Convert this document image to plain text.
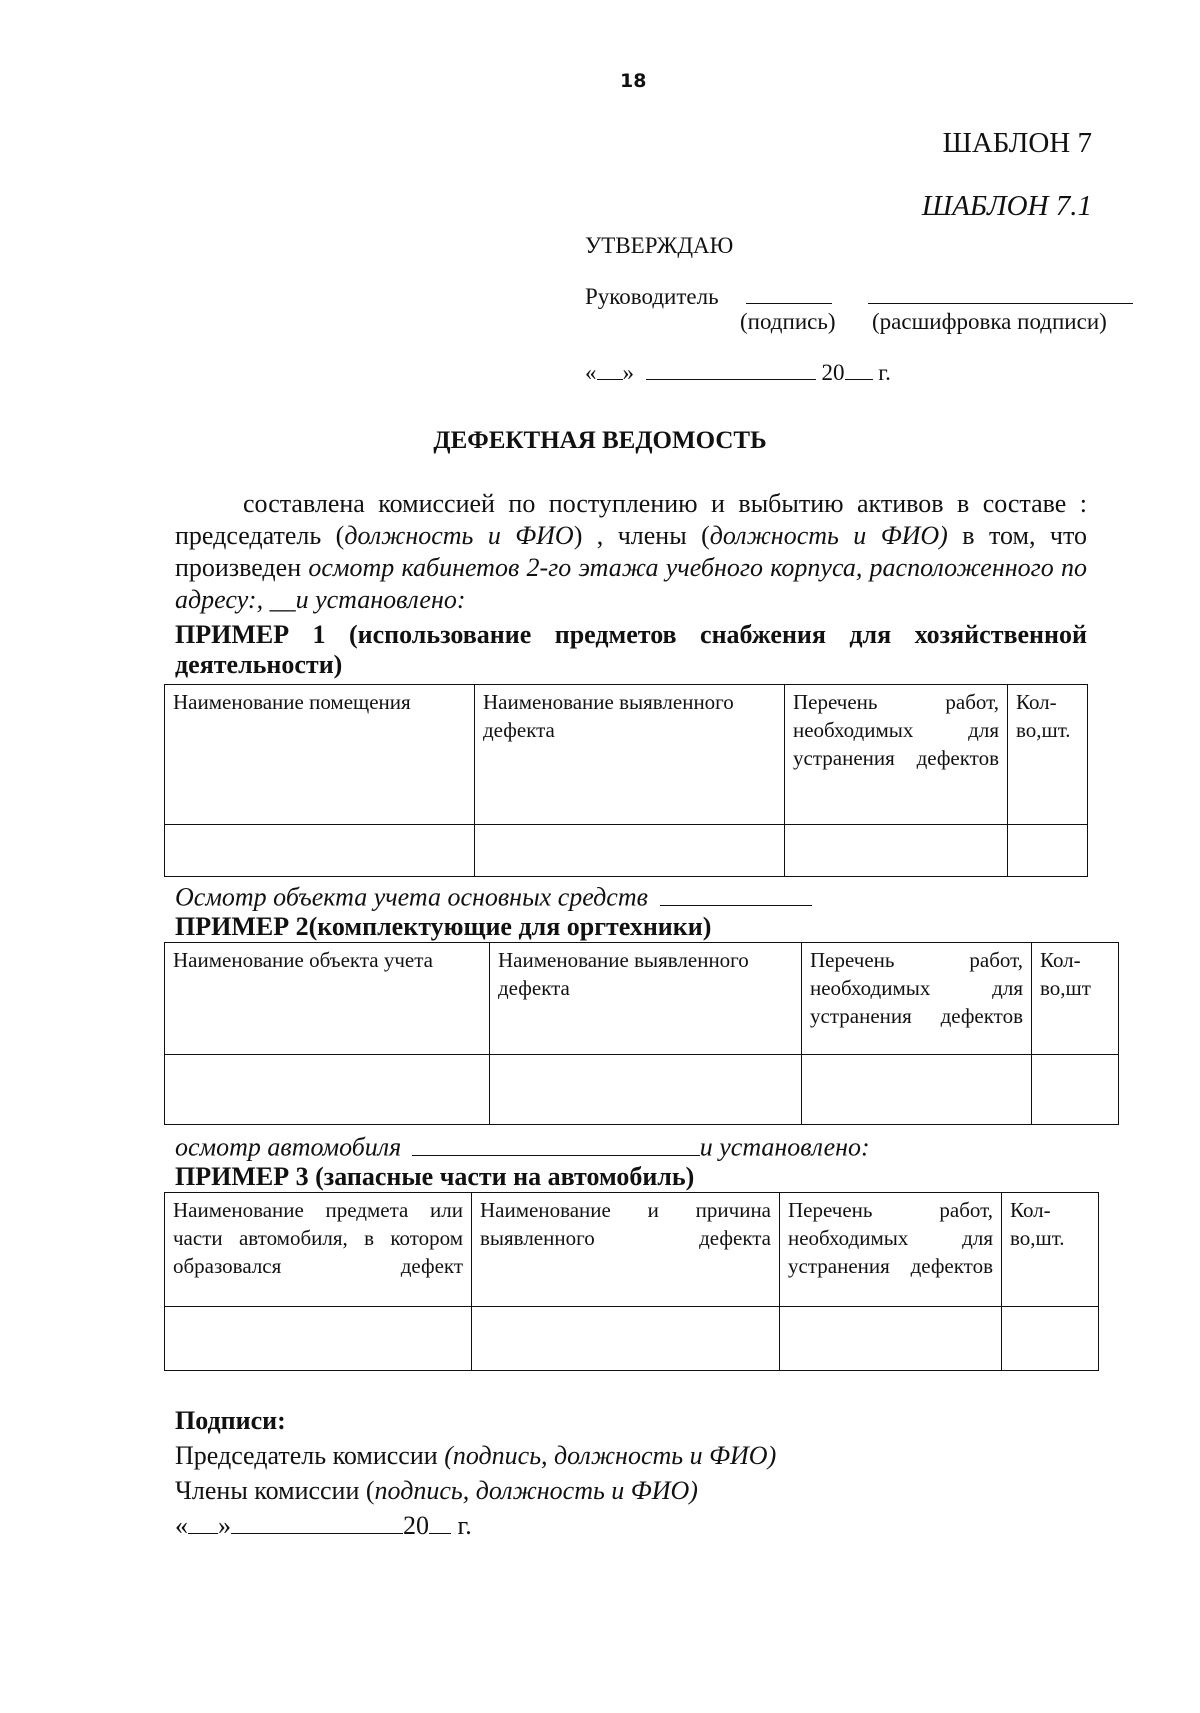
18
ШАБЛОН 7
ШАБЛОН 7.1
УТВЕРЖДАЮ
Руководитель
(подпись) (расшифровка подписи)
« »	20 г.
ДЕФЕКТНАЯ ВЕДОМОСТЬ
составлена комиссией по поступлению и выбытию активов в составе : председатель (должность и ФИО) , члены (должность и ФИО) в том, что произведен осмотр кабинетов 2-го этажа учебного корпуса, расположенного по адресу:, __и установлено:
ПРИМЕР 1 (использование предметов снабжения для хозяйственной деятельности)
Наименование помещения	Наименование выявленного дефекта	Перечень работ, необходимых для устранения дефектов	Кол-во,шт.

Осмотр объекта учета основных средств
ПРИМЕР 2(комплектующие для оргтехники)
Наименование объекта учета	Наименование выявленного дефекта	Перечень работ, необходимых для устранения дефектов	Кол-во,шт

осмотр автомобиля	и установлено:
ПРИМЕР 3 (запасные части на автомобиль)
Наименование предмета или части автомобиля, в котором образовался дефект	Наименование и причина выявленного дефекта	Перечень работ, необходимых для устранения дефектов	Кол-во,шт.

Подписи:
Председатель комиссии (подпись, должность и ФИО)
Члены комиссии (подпись, должность и ФИО)
« »	20 г.
